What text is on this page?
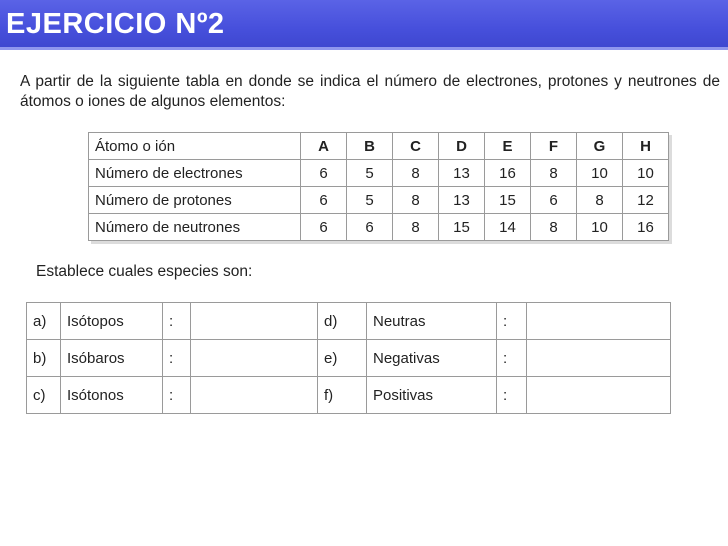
EJERCICIO Nº2

A partir de la siguiente tabla en donde se indica el número de electrones, protones y neutrones de átomos o iones de algunos elementos:

Átomo o ión	A	B	C	D	E	F	G	H
Número de electrones	6	5	8	13	16	8	10	10
Número de protones	6	5	8	13	15	6	8	12
Número de neutrones	6	6	8	15	14	8	10	16

Establece cuales especies son:

a)	Isótopos	:		d)	Neutras	:	
b)	Isóbaros	:		e)	Negativas	:	
c)	Isótonos	:		f)	Positivas	:	
